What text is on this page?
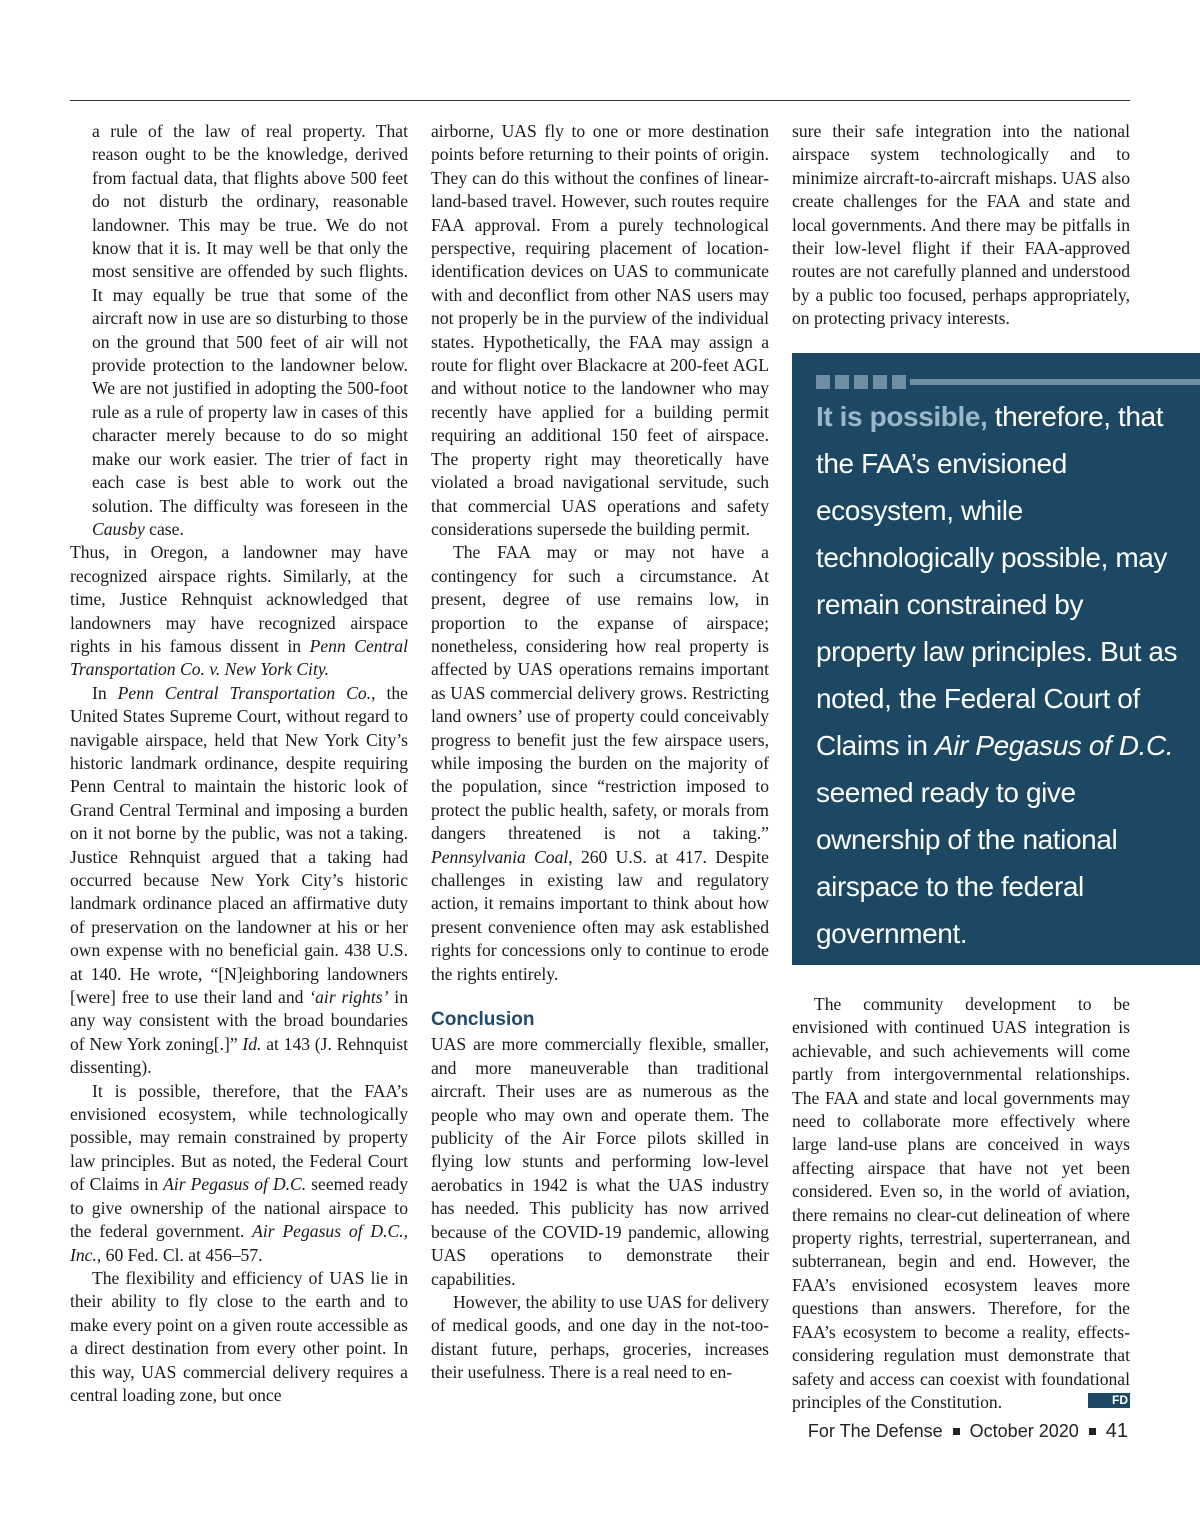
a rule of the law of real property. That reason ought to be the knowledge, derived from factual data, that flights above 500 feet do not disturb the ordinary, reasonable landowner. This may be true. We do not know that it is. It may well be that only the most sensitive are offended by such flights. It may equally be true that some of the aircraft now in use are so disturbing to those on the ground that 500 feet of air will not provide protection to the landowner below. We are not justified in adopting the 500-foot rule as a rule of property law in cases of this character merely because to do so might make our work easier. The trier of fact in each case is best able to work out the solution. The difficulty was foreseen in the Causby case.

Thus, in Oregon, a landowner may have recognized airspace rights. Similarly, at the time, Justice Rehnquist acknowledged that landowners may have recognized airspace rights in his famous dissent in Penn Central Transportation Co. v. New York City.

In Penn Central Transportation Co., the United States Supreme Court, without regard to navigable airspace, held that New York City’s historic landmark ordinance, despite requiring Penn Central to maintain the historic look of Grand Central Terminal and imposing a burden on it not borne by the public, was not a taking. Justice Rehnquist argued that a taking had occurred because New York City’s historic landmark ordinance placed an affirmative duty of preservation on the landowner at his or her own expense with no beneficial gain. 438 U.S. at 140. He wrote, “[N]eighboring landowners [were] free to use their land and ‘air rights’ in any way consistent with the broad boundaries of New York zoning[.]” Id. at 143 (J. Rehnquist dissenting).

It is possible, therefore, that the FAA’s envisioned ecosystem, while technologically possible, may remain constrained by property law principles. But as noted, the Federal Court of Claims in Air Pegasus of D.C. seemed ready to give ownership of the national airspace to the federal government. Air Pegasus of D.C., Inc., 60 Fed. Cl. at 456–57.

The flexibility and efficiency of UAS lie in their ability to fly close to the earth and to make every point on a given route accessible as a direct destination from every other point. In this way, UAS commercial delivery requires a central loading zone, but once

airborne, UAS fly to one or more destination points before returning to their points of origin. They can do this without the confines of linear-land-based travel. However, such routes require FAA approval. From a purely technological perspective, requiring placement of location-identification devices on UAS to communicate with and deconflict from other NAS users may not properly be in the purview of the individual states. Hypothetically, the FAA may assign a route for flight over Blackacre at 200-feet AGL and without notice to the landowner who may recently have applied for a building permit requiring an additional 150 feet of airspace. The property right may theoretically have violated a broad navigational servitude, such that commercial UAS operations and safety considerations supersede the building permit.

The FAA may or may not have a contingency for such a circumstance. At present, degree of use remains low, in proportion to the expanse of airspace; nonetheless, considering how real property is affected by UAS operations remains important as UAS commercial delivery grows. Restricting land owners’ use of property could conceivably progress to benefit just the few airspace users, while imposing the burden on the majority of the population, since “restriction imposed to protect the public health, safety, or morals from dangers threatened is not a taking.” Pennsylvania Coal, 260 U.S. at 417. Despite challenges in existing law and regulatory action, it remains important to think about how present convenience often may ask established rights for concessions only to continue to erode the rights entirely.

Conclusion

UAS are more commercially flexible, smaller, and more maneuverable than traditional aircraft. Their uses are as numerous as the people who may own and operate them. The publicity of the Air Force pilots skilled in flying low stunts and performing low-level aerobatics in 1942 is what the UAS industry has needed. This publicity has now arrived because of the COVID-19 pandemic, allowing UAS operations to demonstrate their capabilities.

However, the ability to use UAS for delivery of medical goods, and one day in the not-too-distant future, perhaps, groceries, increases their usefulness. There is a real need to en-

sure their safe integration into the national airspace system technologically and to minimize aircraft-to-aircraft mishaps. UAS also create challenges for the FAA and state and local governments. And there may be pitfalls in their low-level flight if their FAA-approved routes are not carefully planned and understood by a public too focused, perhaps appropriately, on protecting privacy interests.

It is possible, therefore, that the FAA’s envisioned ecosystem, while technologically possible, may remain constrained by property law principles. But as noted, the Federal Court of Claims in Air Pegasus of D.C. seemed ready to give ownership of the national airspace to the federal government.

The community development to be envisioned with continued UAS integration is achievable, and such achievements will come partly from intergovernmental relationships. The FAA and state and local governments may need to collaborate more effectively where large land-use plans are conceived in ways affecting airspace that have not yet been considered. Even so, in the world of aviation, there remains no clear-cut delineation of where property rights, terrestrial, superterranean, and subterranean, begin and end. However, the FAA’s envisioned ecosystem leaves more questions than answers. Therefore, for the FAA’s ecosystem to become a reality, effects-considering regulation must demonstrate that safety and access can coexist with foundational principles of the Constitution.	FD

For The Defense October 2020 41
